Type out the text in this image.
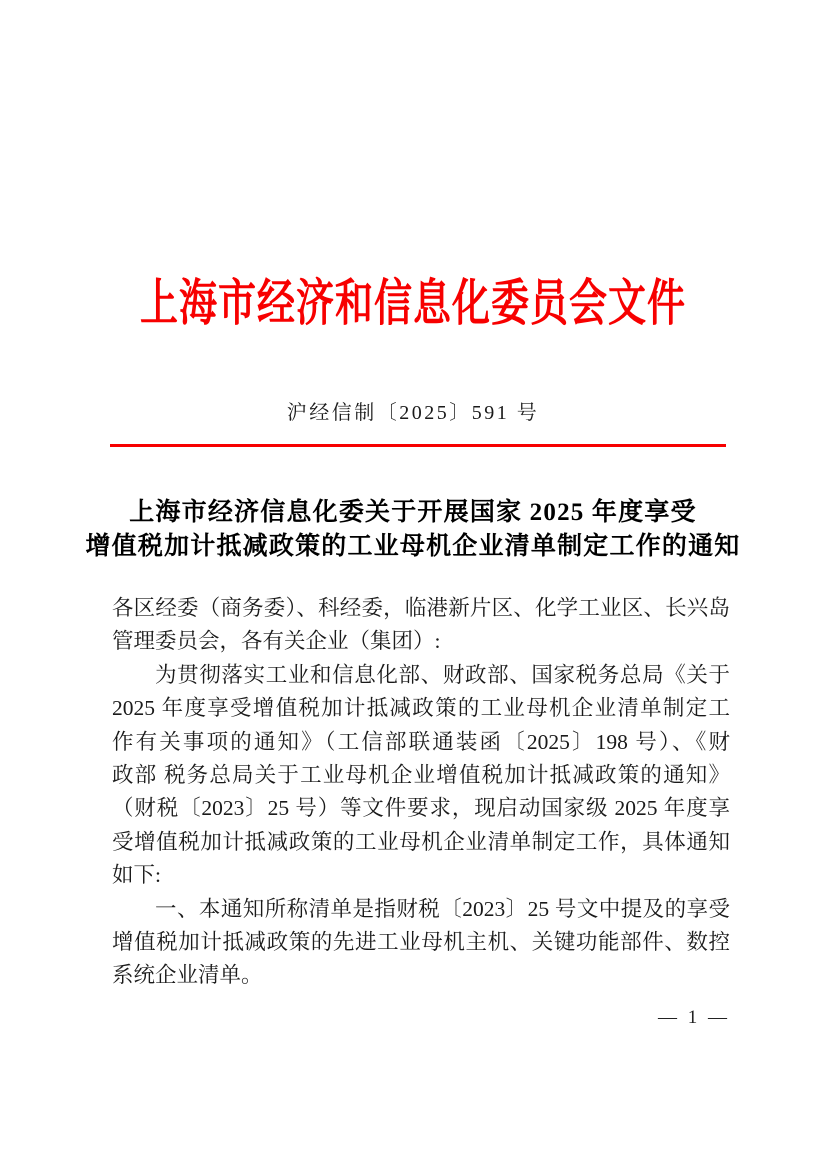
上海市经济和信息化委员会文件
沪经信制〔2025〕591 号
上海市经济信息化委关于开展国家 2025 年度享受
增值税加计抵减政策的工业母机企业清单制定工作的通知
各区经委（商务委）、科经委，临港新片区、化学工业区、长兴岛
管理委员会，各有关企业（集团）:
为贯彻落实工业和信息化部、财政部、国家税务总局《关于
2025 年度享受增值税加计抵减政策的工业母机企业清单制定工
作有关事项的通知》（工信部联通装函〔2025〕198 号）、《财
政部 税务总局关于工业母机企业增值税加计抵减政策的通知》
（财税〔2023〕25 号）等文件要求，现启动国家级 2025 年度享
受增值税加计抵减政策的工业母机企业清单制定工作，具体通知
如下:
一、本通知所称清单是指财税〔2023〕25 号文中提及的享受
增值税加计抵减政策的先进工业母机主机、关键功能部件、数控
系统企业清单。
— 1 —
